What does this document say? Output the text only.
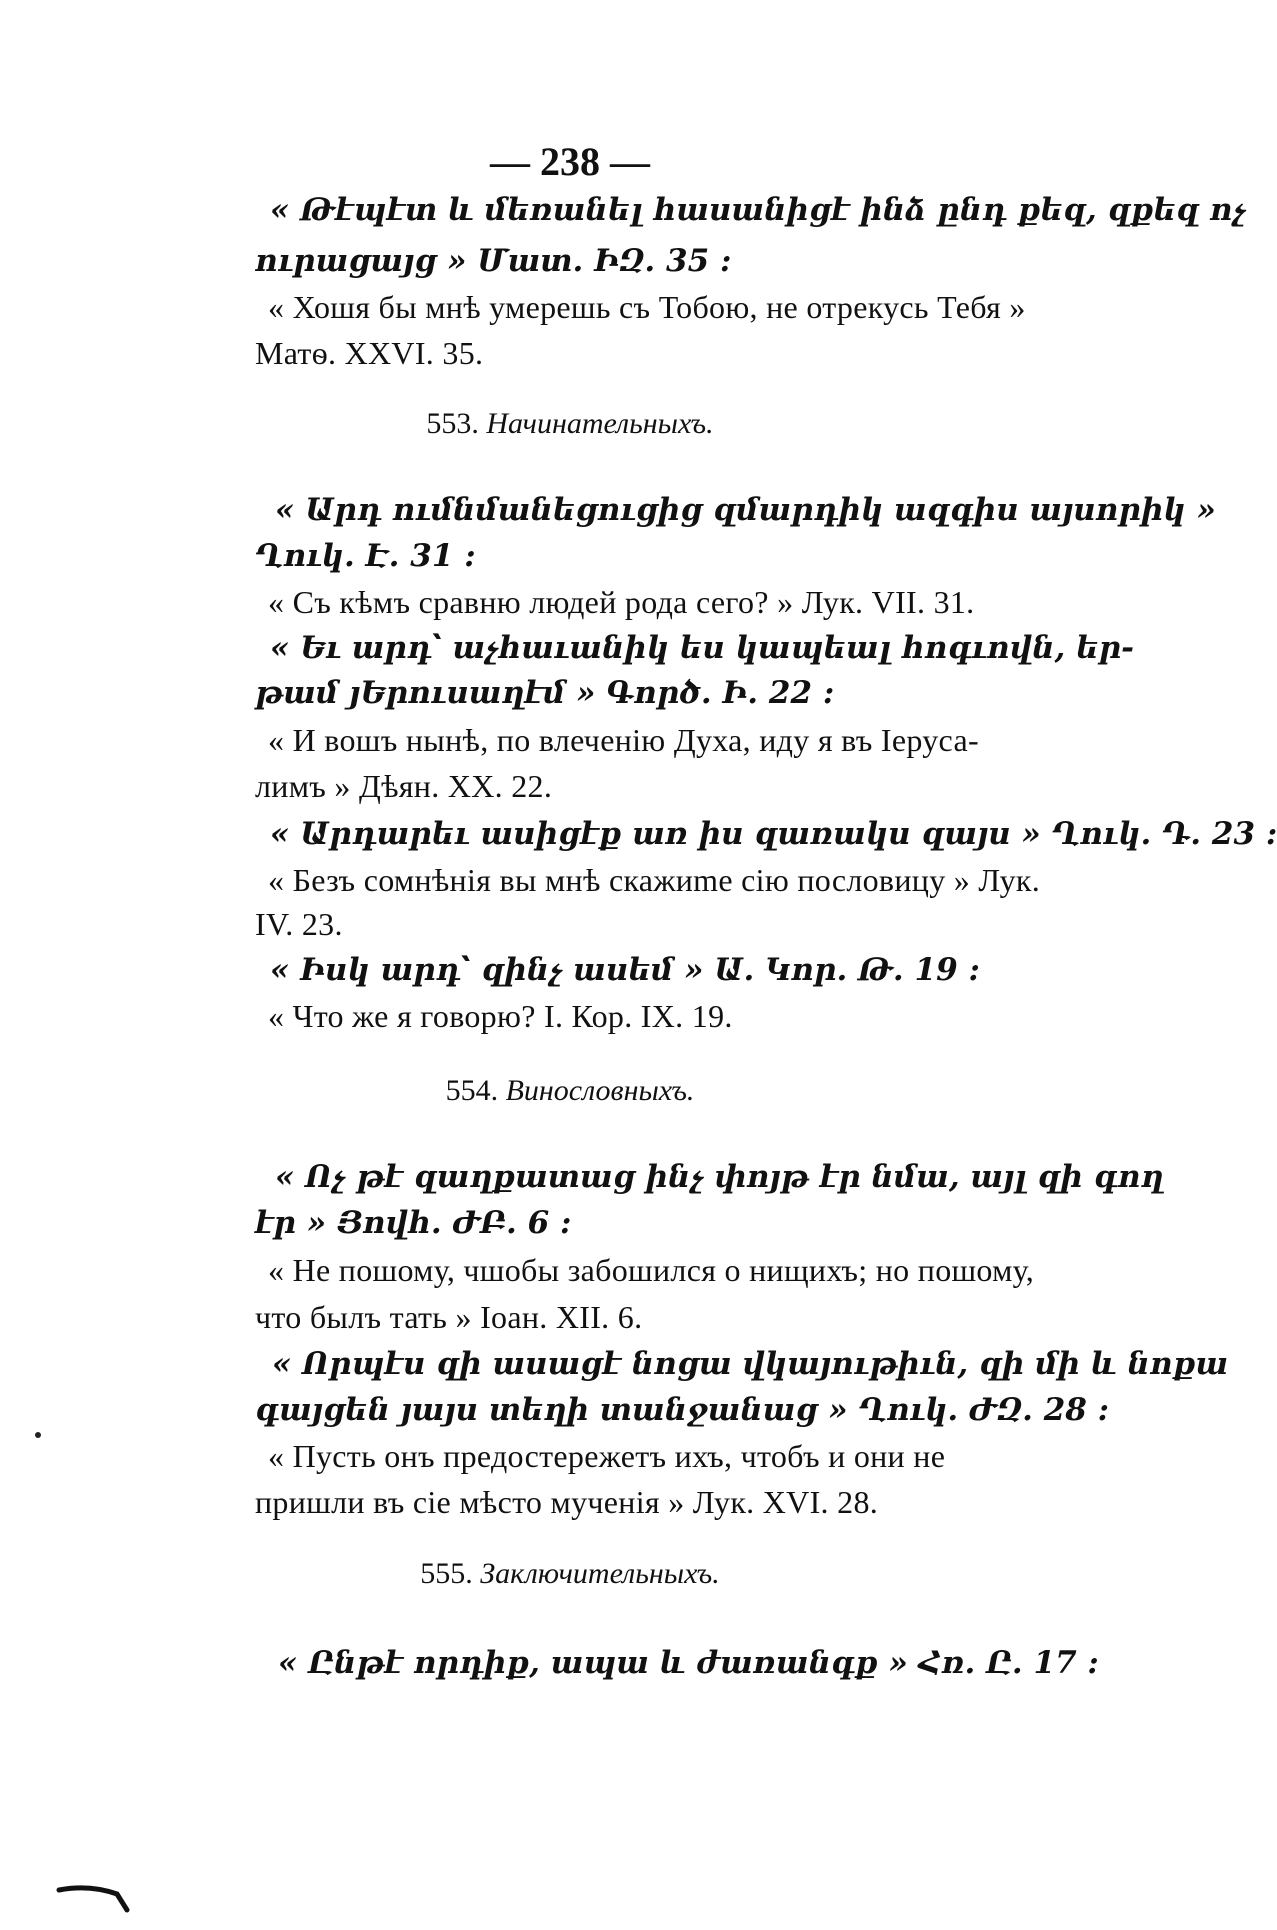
— 238 —
« Թէպէտ և մեռանել հասանիցէ ինձ ընդ քեզ, զքեզ ոչ
ուրացայց » Մատ. ԻԶ. 35 :
« Хошя бы мнѣ умерешь съ Тобою, не отрекусь Тебя »
Матѳ. XXVI. 35.
553. Начинательныхъ.
« Արդ ումնմանեցուցից զմարդիկ ազգիս այսորիկ »
Ղուկ. Է. 31 :
« Съ кѣмъ сравню людей рода сего? » Лук. VII. 31.
« Եւ արդ՝ աչհաւանիկ ես կապեալ հոգւովն, եր-
թամ յԵրուսաղէմ » Գործ. Ի. 22 :
« И вошъ нынѣ, по влеченію Духа, иду я въ Іеруса-
лимъ » Дѣян. XX. 22.
« Արդարեւ ասիցէք առ իս զառակս զայս » Ղուկ. Դ. 23 :
« Безъ сомнѣнія вы мнѣ скажиmе сію пословицу » Лук.
IV. 23.
« Իսկ արդ՝ զինչ ասեմ » Ա. Կոր. Թ. 19 :
« Что же я говорю? I. Кор. IX. 19.
554. Винословныхъ.
« Ոչ թէ զաղքատաց ինչ փոյթ էր նմա, այլ զի գող
էր » Յովհ. ԺԲ. 6 :
« Не пошому, чшобы забошился о нищихъ; но пошому,
что былъ тать » Іоан. XII. 6.
« Որպէս զի ասացէ նոցա վկայութիւն, զի մի և նոքա
գայցեն յայս տեղի տանջանաց » Ղուկ. ԺԶ. 28 :
« Пусть онъ предостережетъ ихъ, чтобъ и они не
пришли въ сіе мѣсто мученія » Лук. XVI. 28.
555. Заключительныхъ.
« Ընթէ որդիք, ապա և ժառանգք » Հռ. Ը. 17 :
